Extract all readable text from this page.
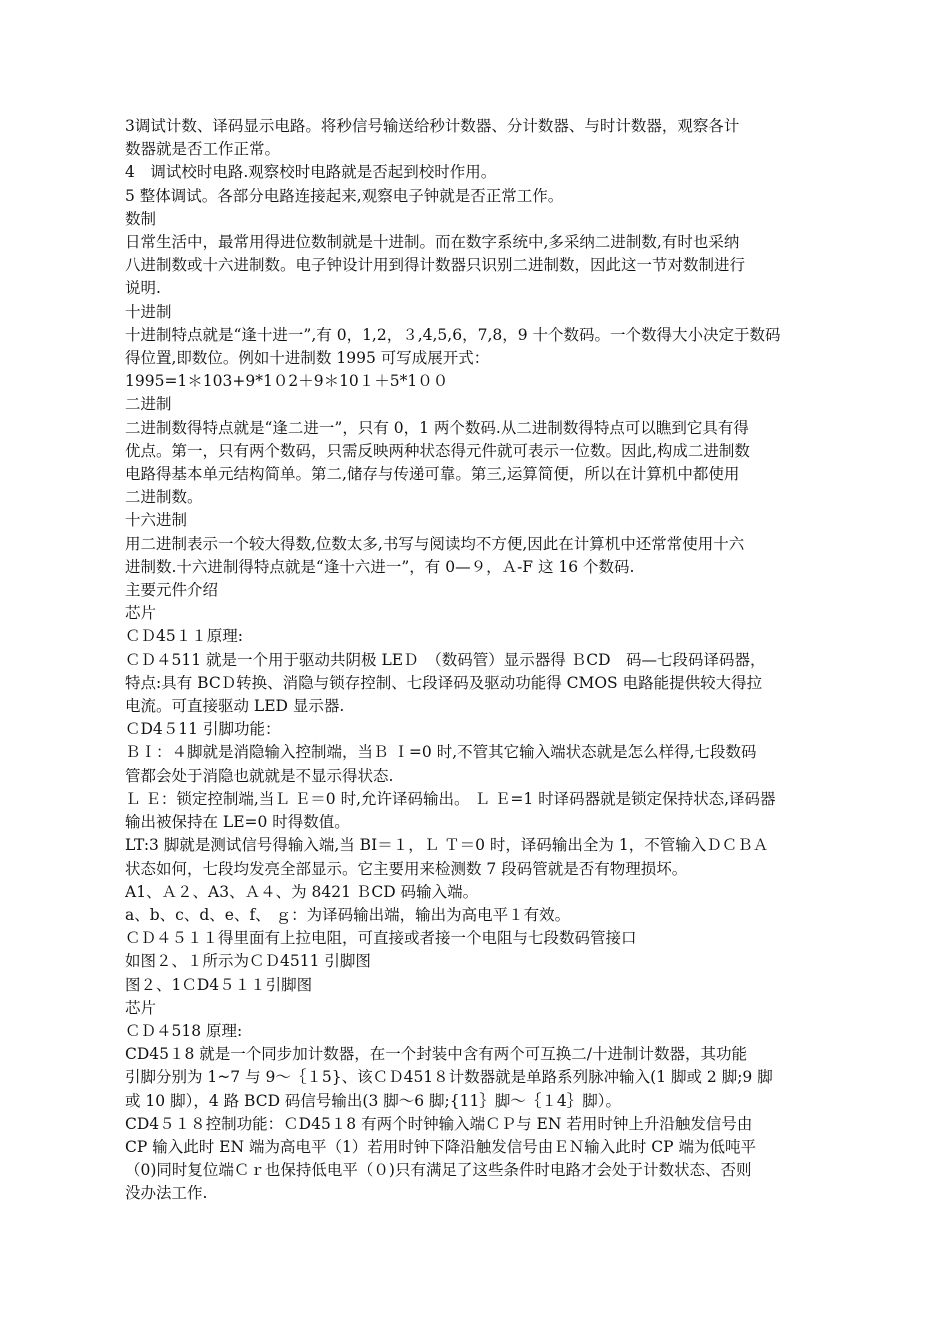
3调试计数、译码显示电路。将秒信号输送给秒计数器、分计数器、与时计数器，观察各计
数器就是否工作正常。
4　调试校时电路.观察校时电路就是否起到校时作用。
5 整体调试。各部分电路连接起来,观察电子钟就是否正常工作。
数制
日常生活中，最常用得进位数制就是十进制。而在数字系统中,多采纳二进制数,有时也采纳
八进制数或十六进制数。电子钟设计用到得计数器只识别二进制数，因此这一节对数制进行
说明.
十进制
十进制特点就是“逢十进一”,有 0，1,2，３,4,5,6，7,8，9 十个数码。一个数得大小决定于数码
得位置,即数位。例如十进制数 1995 可写成展开式：
1995=1＊103+9*1０2＋9＊10１＋5*1００
二进制
二进制数得特点就是“逢二进一”，只有 0，1 两个数码.从二进制数得特点可以瞧到它具有得
优点。第一，只有两个数码，只需反映两种状态得元件就可表示一位数。因此,构成二进制数
电路得基本单元结构简单。第二,储存与传递可靠。第三,运算简便，所以在计算机中都使用
二进制数。
十六进制
用二进制表示一个较大得数,位数太多,书写与阅读均不方便,因此在计算机中还常常使用十六
进制数.十六进制得特点就是“逢十六进一”，有 0—９，Ａ-F 这 16 个数码.
主要元件介绍
芯片
ＣＤ45１１原理:
ＣＤ４511 就是一个用于驱动共阴极 LEＤ　（数码管）显示器得 ＢCD　码—七段码译码器，
特点:具有 BCＤ转换、消隐与锁存控制、七段译码及驱动功能得 CMOS 电路能提供较大得拉
电流。可直接驱动 LED 显示器.
ＣD4５11 引脚功能：
ＢＩ：４脚就是消隐输入控制端，当Ｂ Ｉ=0 时,不管其它输入端状态就是怎么样得,七段数码
管都会处于消隐也就就是不显示得状态.
Ｌ Ｅ：锁定控制端,当Ｌ Ｅ＝0 时,允许译码输出。 Ｌ Ｅ=1 时译码器就是锁定保持状态,译码器
输出被保持在 LE=0 时得数值。
LT:3 脚就是测试信号得输入端,当 BI＝１，Ｌ Ｔ＝0 时，译码输出全为 1，不管输入ＤＣＢＡ
状态如何，七段均发亮全部显示。它主要用来检测数 7 段码管就是否有物理损坏。
A1、Ａ２、A3、Ａ４、为 8421 ＢCD 码输入端。
a、b、c、d、e、f、 ｇ：为译码输出端，输出为高电平１有效。
ＣＤ４５１１得里面有上拉电阻，可直接或者接一个电阻与七段数码管接口
如图２、１所示为ＣＤ4511 引脚图
图２、1ＣD4５１１引脚图
芯片
ＣＤ４518 原理:
CD45１8 就是一个同步加计数器，在一个封装中含有两个可互换二/十进制计数器，其功能
引脚分别为 1~7 与 9～｛１5}、该ＣＤ451８计数器就是单路系列脉冲输入(1 脚或 2 脚;9 脚
或 10 脚），4 路 BCD 码信号输出(3 脚～6 脚;{11｝脚～｛１4｝脚）。
CD4５１８控制功能：ＣD45１8 有两个时钟输入端ＣＰ与 EN 若用时钟上升沿触发信号由
CP 输入此时 EN 端为高电平（1）若用时钟下降沿触发信号由ＥＮ输入此时 CP 端为低吨平
（0)同时复位端Ｃｒ也保持低电平（０)只有满足了这些条件时电路才会处于计数状态、否则
没办法工作.
